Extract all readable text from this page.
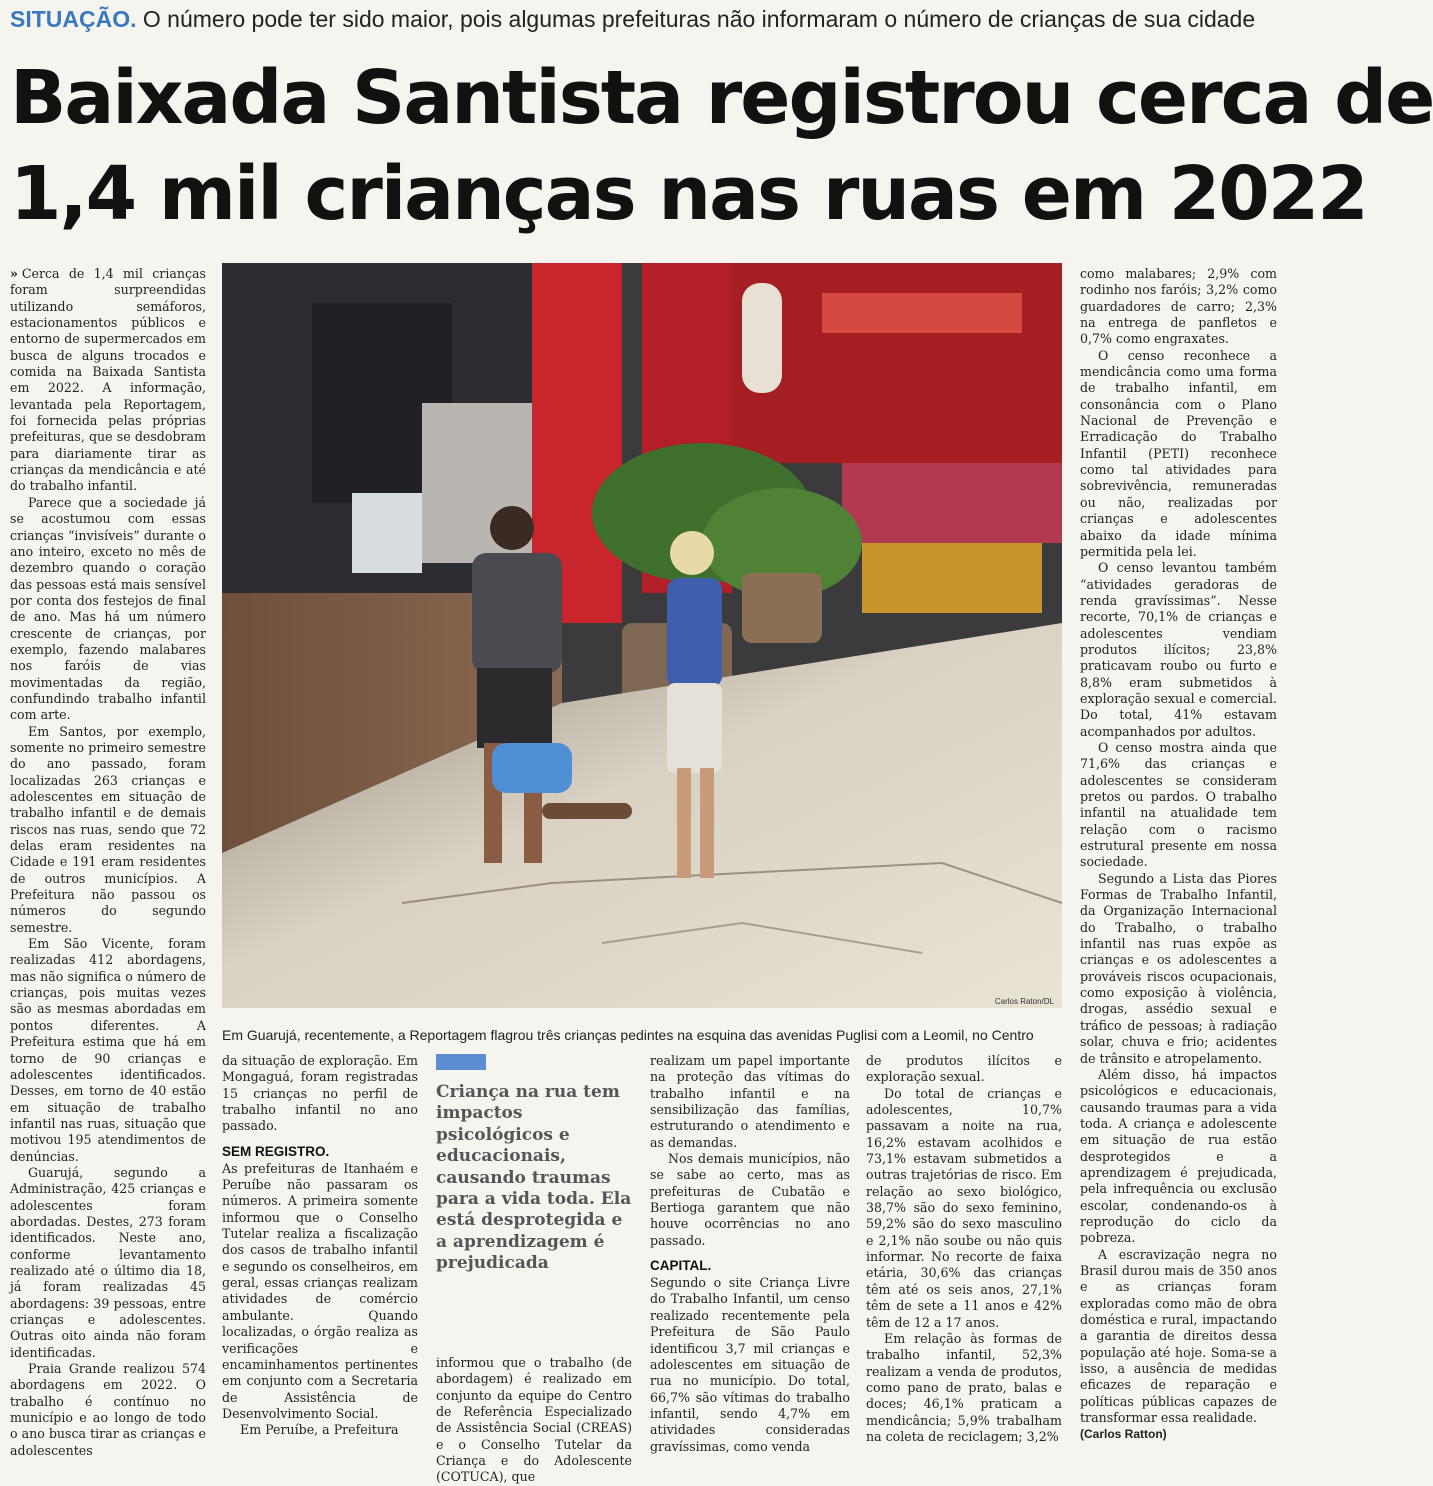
SITUAÇÃO. O número pode ter sido maior, pois algumas prefeituras não informaram o número de crianças de sua cidade
Baixada Santista registrou cerca de
1,4 mil crianças nas ruas em 2022

» Cerca de 1,4 mil crianças foram surpreendidas utilizando semáforos, estacionamentos públicos e entorno de supermercados em busca de alguns trocados e comida na Baixada Santista em 2022. A informação, levantada pela Reportagem, foi fornecida pelas próprias prefeituras, que se desdobram para diariamente tirar as crianças da mendicância e até do trabalho infantil.

Parece que a sociedade já se acostumou com essas crianças “invisíveis” durante o ano inteiro, exceto no mês de dezembro quando o coração das pessoas está mais sensível por conta dos festejos de final de ano. Mas há um número crescente de crianças, por exemplo, fazendo malabares nos faróis de vias movimentadas da região, confundindo trabalho infantil com arte.

Em Santos, por exemplo, somente no primeiro semestre do ano passado, foram localizadas 263 crianças e adolescentes em situação de trabalho infantil e de demais riscos nas ruas, sendo que 72 delas eram residentes na Cidade e 191 eram residentes de outros municípios. A Prefeitura não passou os números do segundo semestre.

Em São Vicente, foram realizadas 412 abordagens, mas não significa o número de crianças, pois muitas vezes são as mesmas abordadas em pontos diferentes. A Prefeitura estima que há em torno de 90 crianças e adolescentes identificados. Desses, em torno de 40 estão em situação de trabalho infantil nas ruas, situação que motivou 195 atendimentos de denúncias.

Guarujá, segundo a Administração, 425 crianças e adolescentes foram abordadas. Destes, 273 foram identificados. Neste ano, conforme levantamento realizado até o último dia 18, já foram realizadas 45 abordagens: 39 pessoas, entre crianças e adolescentes. Outras oito ainda não foram identificadas.

Praia Grande realizou 574 abordagens em 2022. O trabalho é contínuo no município e ao longo de todo o ano busca tirar as crianças e adolescentes

Carlos Raton/DL
Em Guarujá, recentemente, a Reportagem flagrou três crianças pedintes na esquina das avenidas Puglisi com a Leomil, no Centro

da situação de exploração. Em Mongaguá, foram registradas 15 crianças no perfil de trabalho infantil no ano passado.

SEM REGISTRO.

As prefeituras de Itanhaém e Peruíbe não passaram os números. A primeira somente informou que o Conselho Tutelar realiza a fiscalização dos casos de trabalho infantil e segundo os conselheiros, em geral, essas crianças realizam atividades de comércio ambulante. Quando localizadas, o órgão realiza as verificações e encaminhamentos pertinentes em conjunto com a Secretaria de Assistência de Desenvolvimento Social.

Em Peruíbe, a Prefeitura

Criança na rua tem impactos psicológicos e educacionais, causando traumas para a vida toda. Ela está desprotegida e a aprendizagem é prejudicada

informou que o trabalho (de abordagem) é realizado em conjunto da equipe do Centro de Referência Especializado de Assistência Social (CREAS) e o Conselho Tutelar da Criança e do Adolescente (COTUCA), que

realizam um papel importante na proteção das vítimas do trabalho infantil e na sensibilização das famílias, estruturando o atendimento e as demandas.

Nos demais municípios, não se sabe ao certo, mas as prefeituras de Cubatão e Bertioga garantem que não houve ocorrências no ano passado.

CAPITAL.

Segundo o site Criança Livre do Trabalho Infantil, um censo realizado recentemente pela Prefeitura de São Paulo identificou 3,7 mil crianças e adolescentes em situação de rua no município. Do total, 66,7% são vítimas do trabalho infantil, sendo 4,7% em atividades consideradas gravíssimas, como venda

de produtos ilícitos e exploração sexual.

Do total de crianças e adolescentes, 10,7% passavam a noite na rua, 16,2% estavam acolhidos e 73,1% estavam submetidos a outras trajetórias de risco. Em relação ao sexo biológico, 38,7% são do sexo feminino, 59,2% são do sexo masculino e 2,1% não soube ou não quis informar. No recorte de faixa etária, 30,6% das crianças têm até os seis anos, 27,1% têm de sete a 11 anos e 42% têm de 12 a 17 anos.

Em relação às formas de trabalho infantil, 52,3% realizam a venda de produtos, como pano de prato, balas e doces; 46,1% praticam a mendicância; 5,9% trabalham na coleta de reciclagem; 3,2%

como malabares; 2,9% com rodinho nos faróis; 3,2% como guardadores de carro; 2,3% na entrega de panfletos e 0,7% como engraxates.

O censo reconhece a mendicância como uma forma de trabalho infantil, em consonância com o Plano Nacional de Prevenção e Erradicação do Trabalho Infantil (PETI) reconhece como tal atividades para sobrevivência, remuneradas ou não, realizadas por crianças e adolescentes abaixo da idade mínima permitida pela lei.

O censo levantou também “atividades geradoras de renda gravíssimas”. Nesse recorte, 70,1% de crianças e adolescentes vendiam produtos ilícitos; 23,8% praticavam roubo ou furto e 8,8% eram submetidos à exploração sexual e comercial. Do total, 41% estavam acompanhados por adultos.

O censo mostra ainda que 71,6% das crianças e adolescentes se consideram pretos ou pardos. O trabalho infantil na atualidade tem relação com o racismo estrutural presente em nossa sociedade.

Segundo a Lista das Piores Formas de Trabalho Infantil, da Organização Internacional do Trabalho, o trabalho infantil nas ruas expõe as crianças e os adolescentes a prováveis riscos ocupacionais, como exposição à violência, drogas, assédio sexual e tráfico de pessoas; à radiação solar, chuva e frio; acidentes de trânsito e atropelamento.

Além disso, há impactos psicológicos e educacionais, causando traumas para a vida toda. A criança e adolescente em situação de rua estão desprotegidos e a aprendizagem é prejudicada, pela infrequência ou exclusão escolar, condenando-os à reprodução do ciclo da pobreza.

A escravização negra no Brasil durou mais de 350 anos e as crianças foram exploradas como mão de obra doméstica e rural, impactando a garantia de direitos dessa população até hoje. Soma-se a isso, a ausência de medidas eficazes de reparação e políticas públicas capazes de transformar essa realidade.

(Carlos Ratton)
